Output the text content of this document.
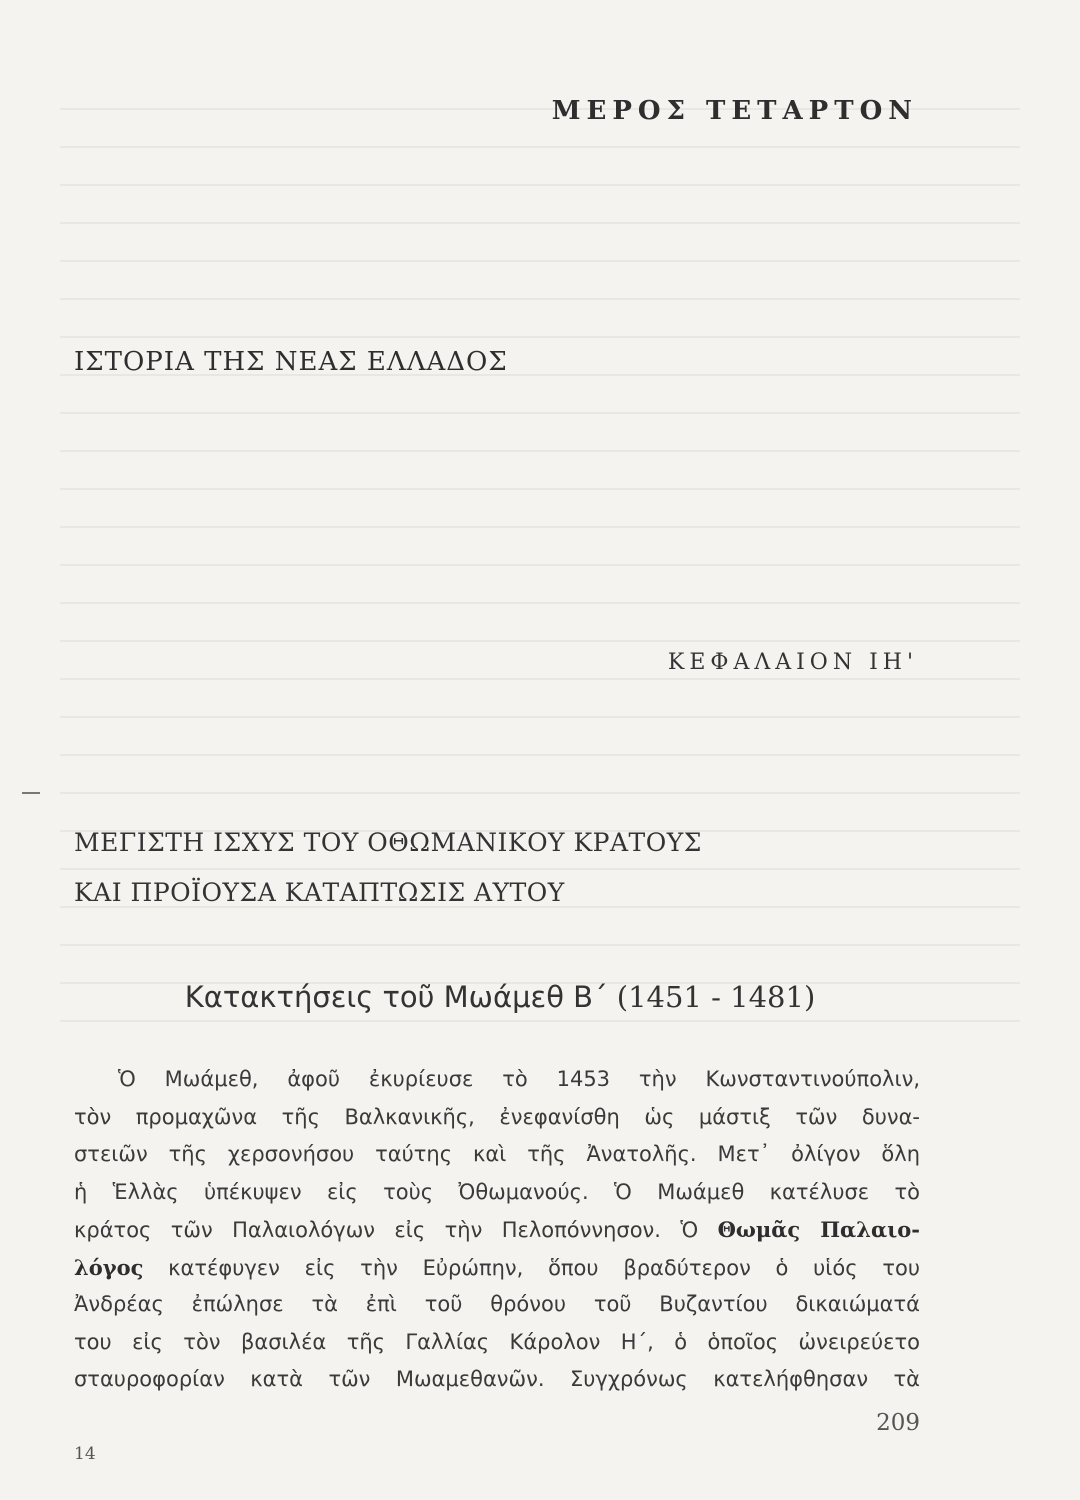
ΜΕΡΟΣ ΤΕΤΑΡΤΟΝ
ΙΣΤΟΡΙΑ ΤΗΣ ΝΕΑΣ ΕΛΛΑΔΟΣ
ΚΕΦΑΛΑΙΟΝ ΙΗ'
ΜΕΓΙΣΤΗ ΙΣΧΥΣ ΤΟΥ ΟΘΩΜΑΝΙΚΟΥ ΚΡΑΤΟΥΣ
ΚΑΙ ΠΡΟΪΟΥΣΑ ΚΑΤΑΠΤΩΣΙΣ ΑΥΤΟΥ
Κατακτήσεις τοῦ Μωάμεθ Β΄ (1451 - 1481)
Ὁ Μωάμεθ, ἀφοῦ ἐκυρίευσε τὸ 1453 τὴν Κωνσταντινούπολιν,
τὸν προμαχῶνα τῆς Βαλκανικῆς, ἐνεφανίσθη ὡς μάστιξ τῶν δυνα-
στειῶν τῆς χερσονήσου ταύτης καὶ τῆς Ἀνατολῆς. Μετ᾽ ὀλίγον ὅλη
ἡ Ἑλλὰς ὑπέκυψεν εἰς τοὺς Ὀθωμανούς. Ὁ Μωάμεθ κατέλυσε τὸ
κράτος τῶν Παλαιολόγων εἰς τὴν Πελοπόννησον. Ὁ Θωμᾶς Παλαιο-
λόγος κατέφυγεν εἰς τὴν Εὐρώπην, ὅπου βραδύτερον ὁ υἱός του
Ἀνδρέας ἐπώλησε τὰ ἐπὶ τοῦ θρόνου τοῦ Βυζαντίου δικαιώματά
του εἰς τὸν βασιλέα τῆς Γαλλίας Κάρολον Η΄, ὁ ὁποῖος ὠνειρεύετο
σταυροφορίαν κατὰ τῶν Μωαμεθανῶν. Συγχρόνως κατελήφθησαν τὰ
209
14
